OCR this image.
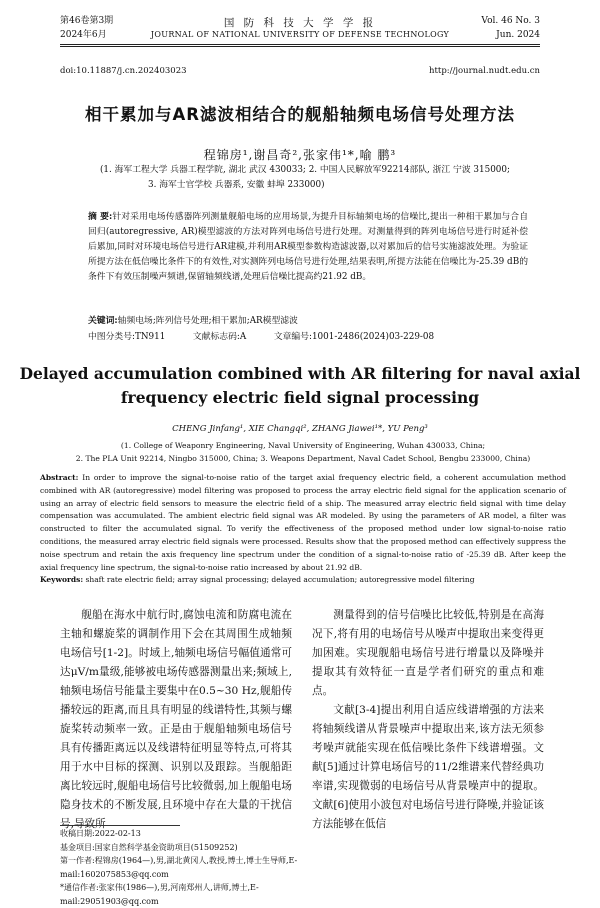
第46卷第3期
2024年6月
国 防 科 技 大 学 学 报
JOURNAL OF NATIONAL UNIVERSITY OF DEFENSE TECHNOLOGY
Vol. 46 No. 3
Jun. 2024
doi:10.11887/j.cn.202403023	http://journal.nudt.edu.cn
相干累加与AR滤波相结合的舰船轴频电场信号处理方法
程锦房¹,谢昌奇²,张家伟¹*,喻 鹏³
(1. 海军工程大学 兵器工程学院, 湖北 武汉 430033; 2. 中国人民解放军92214部队, 浙江 宁波 315000;
3. 海军士官学校 兵器系, 安徽 蚌埠 233000)
摘 要:针对采用电场传感器阵列测量舰船电场的应用场景,为提升目标轴频电场的信噪比,提出一种相干累加与合自回归(autoregressive, AR)模型滤波的方法对阵列电场信号进行处理。对测量得到的阵列电场信号进行时延补偿后累加,同时对环境电场信号进行AR建模,并利用AR模型参数构造滤波器,以对累加后的信号实施滤波处理。为验证所提方法在低信噪比条件下的有效性,对实测阵列电场信号进行处理,结果表明,所提方法能在信噪比为-25.39 dB的条件下有效压制噪声频谱,保留轴频线谱,处理后信噪比提高约21.92 dB。
关键词:轴频电场;阵列信号处理;相干累加;AR模型滤波
中图分类号:TN911	文献标志码:A	文章编号:1001-2486(2024)03-229-08
Delayed accumulation combined with AR filtering for naval axial
frequency electric field signal processing
CHENG Jinfang¹, XIE Changqi², ZHANG Jiawei¹*, YU Peng³
(1. College of Weaponry Engineering, Naval University of Engineering, Wuhan 430033, China;
2. The PLA Unit 92214, Ningbo 315000, China; 3. Weapons Department, Naval Cadet School, Bengbu 233000, China)
Abstract: In order to improve the signal-to-noise ratio of the target axial frequency electric field, a coherent accumulation method combined with AR (autoregressive) model filtering was proposed to process the array electric field signal for the application scenario of using an array of electric field sensors to measure the electric field of a ship. The measured array electric field signal with time delay compensation was accumulated. The ambient electric field signal was AR modeled. By using the parameters of AR model, a filter was constructed to filter the accumulated signal. To verify the effectiveness of the proposed method under low signal-to-noise ratio conditions, the measured array electric field signals were processed. Results show that the proposed method can effectively suppress the noise spectrum and retain the axis frequency line spectrum under the condition of a signal-to-noise ratio of -25.39 dB. After keep the axial frequency line spectrum, the signal-to-noise ratio increased by about 21.92 dB.
Keywords: shaft rate electric field; array signal processing; delayed accumulation; autoregressive model filtering

舰船在海水中航行时,腐蚀电流和防腐电流在主轴和螺旋桨的调制作用下会在其周围生成轴频电场信号[1-2]。时域上,轴频电场信号幅值通常可达μV/m量级,能够被电场传感器测量出来;频域上,轴频电场信号能量主要集中在0.5~30 Hz,舰船传播较远的距离,而且具有明显的线谱特性,其频与螺旋桨转动频率一致。正是由于舰船轴频电场信号具有传播距离远以及线谱特征明显等特点,可将其用于水中目标的探测、识别以及跟踪。当舰船距离比较远时,舰船电场信号比较微弱,加上舰船电场隐身技术的不断发展,且环境中存在大量的干扰信号,导致所

测量得到的信号信噪比比较低,特别是在高海况下,将有用的电场信号从噪声中提取出来变得更加困难。实现舰船电场信号进行增量以及降噪并提取其有效特征一直是学者们研究的重点和难点。

文献[3-4]提出利用自适应线谱增强的方法来将轴频线谱从背景噪声中提取出来,该方法无须参考噪声就能实现在低信噪比条件下线谱增强。文献[5]通过计算电场信号的11/2维谱来代替经典功率谱,实现微弱的电场信号从背景噪声中的提取。文献[6]使用小波包对电场信号进行降噪,并验证该方法能够在低信

收稿日期:2022-02-13
基金项目:国家自然科学基金资助项目(51509252)
第一作者:程锦房(1964—),男,湖北黄冈人,教授,博士,博士生导师,E-mail:1602075853@qq.com
*通信作者:张家伟(1986—),男,河南郑州人,讲师,博士,E-mail:29051903@qq.com
